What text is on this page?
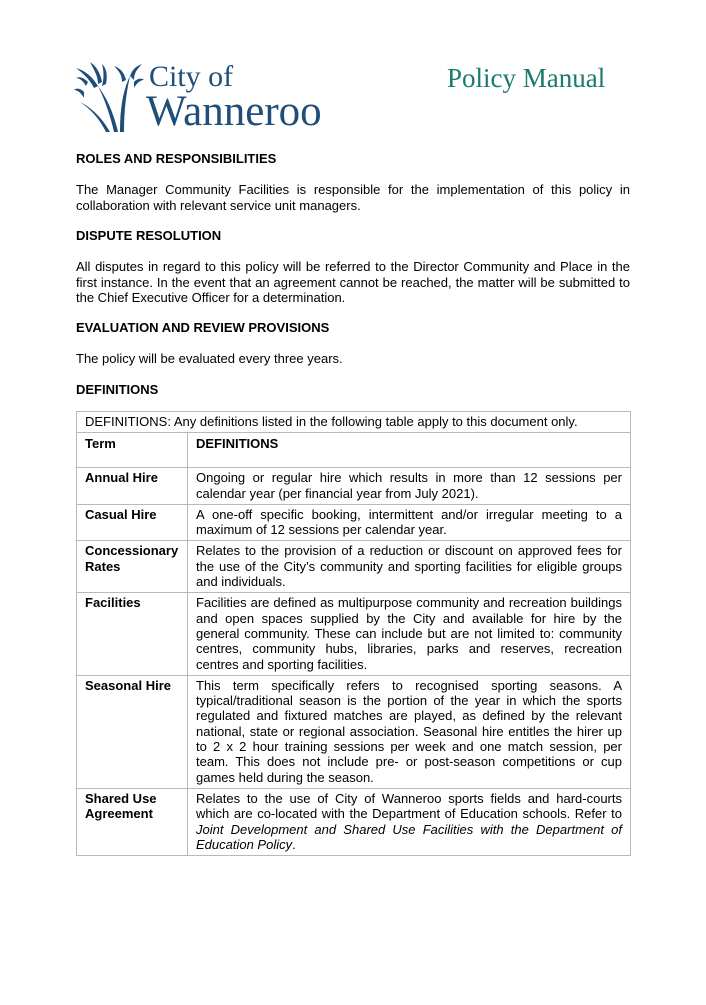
City of
Wanneroo
Policy Manual
ROLES AND RESPONSIBILITIES
The Manager Community Facilities is responsible for the implementation of this policy in collaboration with relevant service unit managers.
DISPUTE RESOLUTION
All disputes in regard to this policy will be referred to the Director Community and Place in the first instance. In the event that an agreement cannot be reached, the matter will be submitted to the Chief Executive Officer for a determination.
EVALUATION AND REVIEW PROVISIONS
The policy will be evaluated every three years.
DEFINITIONS
DEFINITIONS: Any definitions listed in the following table apply to this document only.	
Term	DEFINITIONS
Annual Hire	Ongoing or regular hire which results in more than 12 sessions per calendar year (per financial year from July 2021).
Casual Hire	A one-off specific booking, intermittent and/or irregular meeting to a maximum of 12 sessions per calendar year.
Concessionary Rates	Relates to the provision of a reduction or discount on approved fees for the use of the City’s community and sporting facilities for eligible groups and individuals.
Facilities	Facilities are defined as multipurpose community and recreation buildings and open spaces supplied by the City and available for hire by the general community. These can include but are not limited to: community centres, community hubs, libraries, parks and reserves, recreation centres and sporting facilities.
Seasonal Hire	This term specifically refers to recognised sporting seasons. A typical/traditional season is the portion of the year in which the sports regulated and fixtured matches are played, as defined by the relevant national, state or regional association. Seasonal hire entitles the hirer up to 2 x 2 hour training sessions per week and one match session, per team. This does not include pre- or post-season competitions or cup games held during the season.
Shared Use Agreement	Relates to the use of City of Wanneroo sports fields and hard-courts which are co-located with the Department of Education schools. Refer to Joint Development and Shared Use Facilities with the Department of Education Policy.
